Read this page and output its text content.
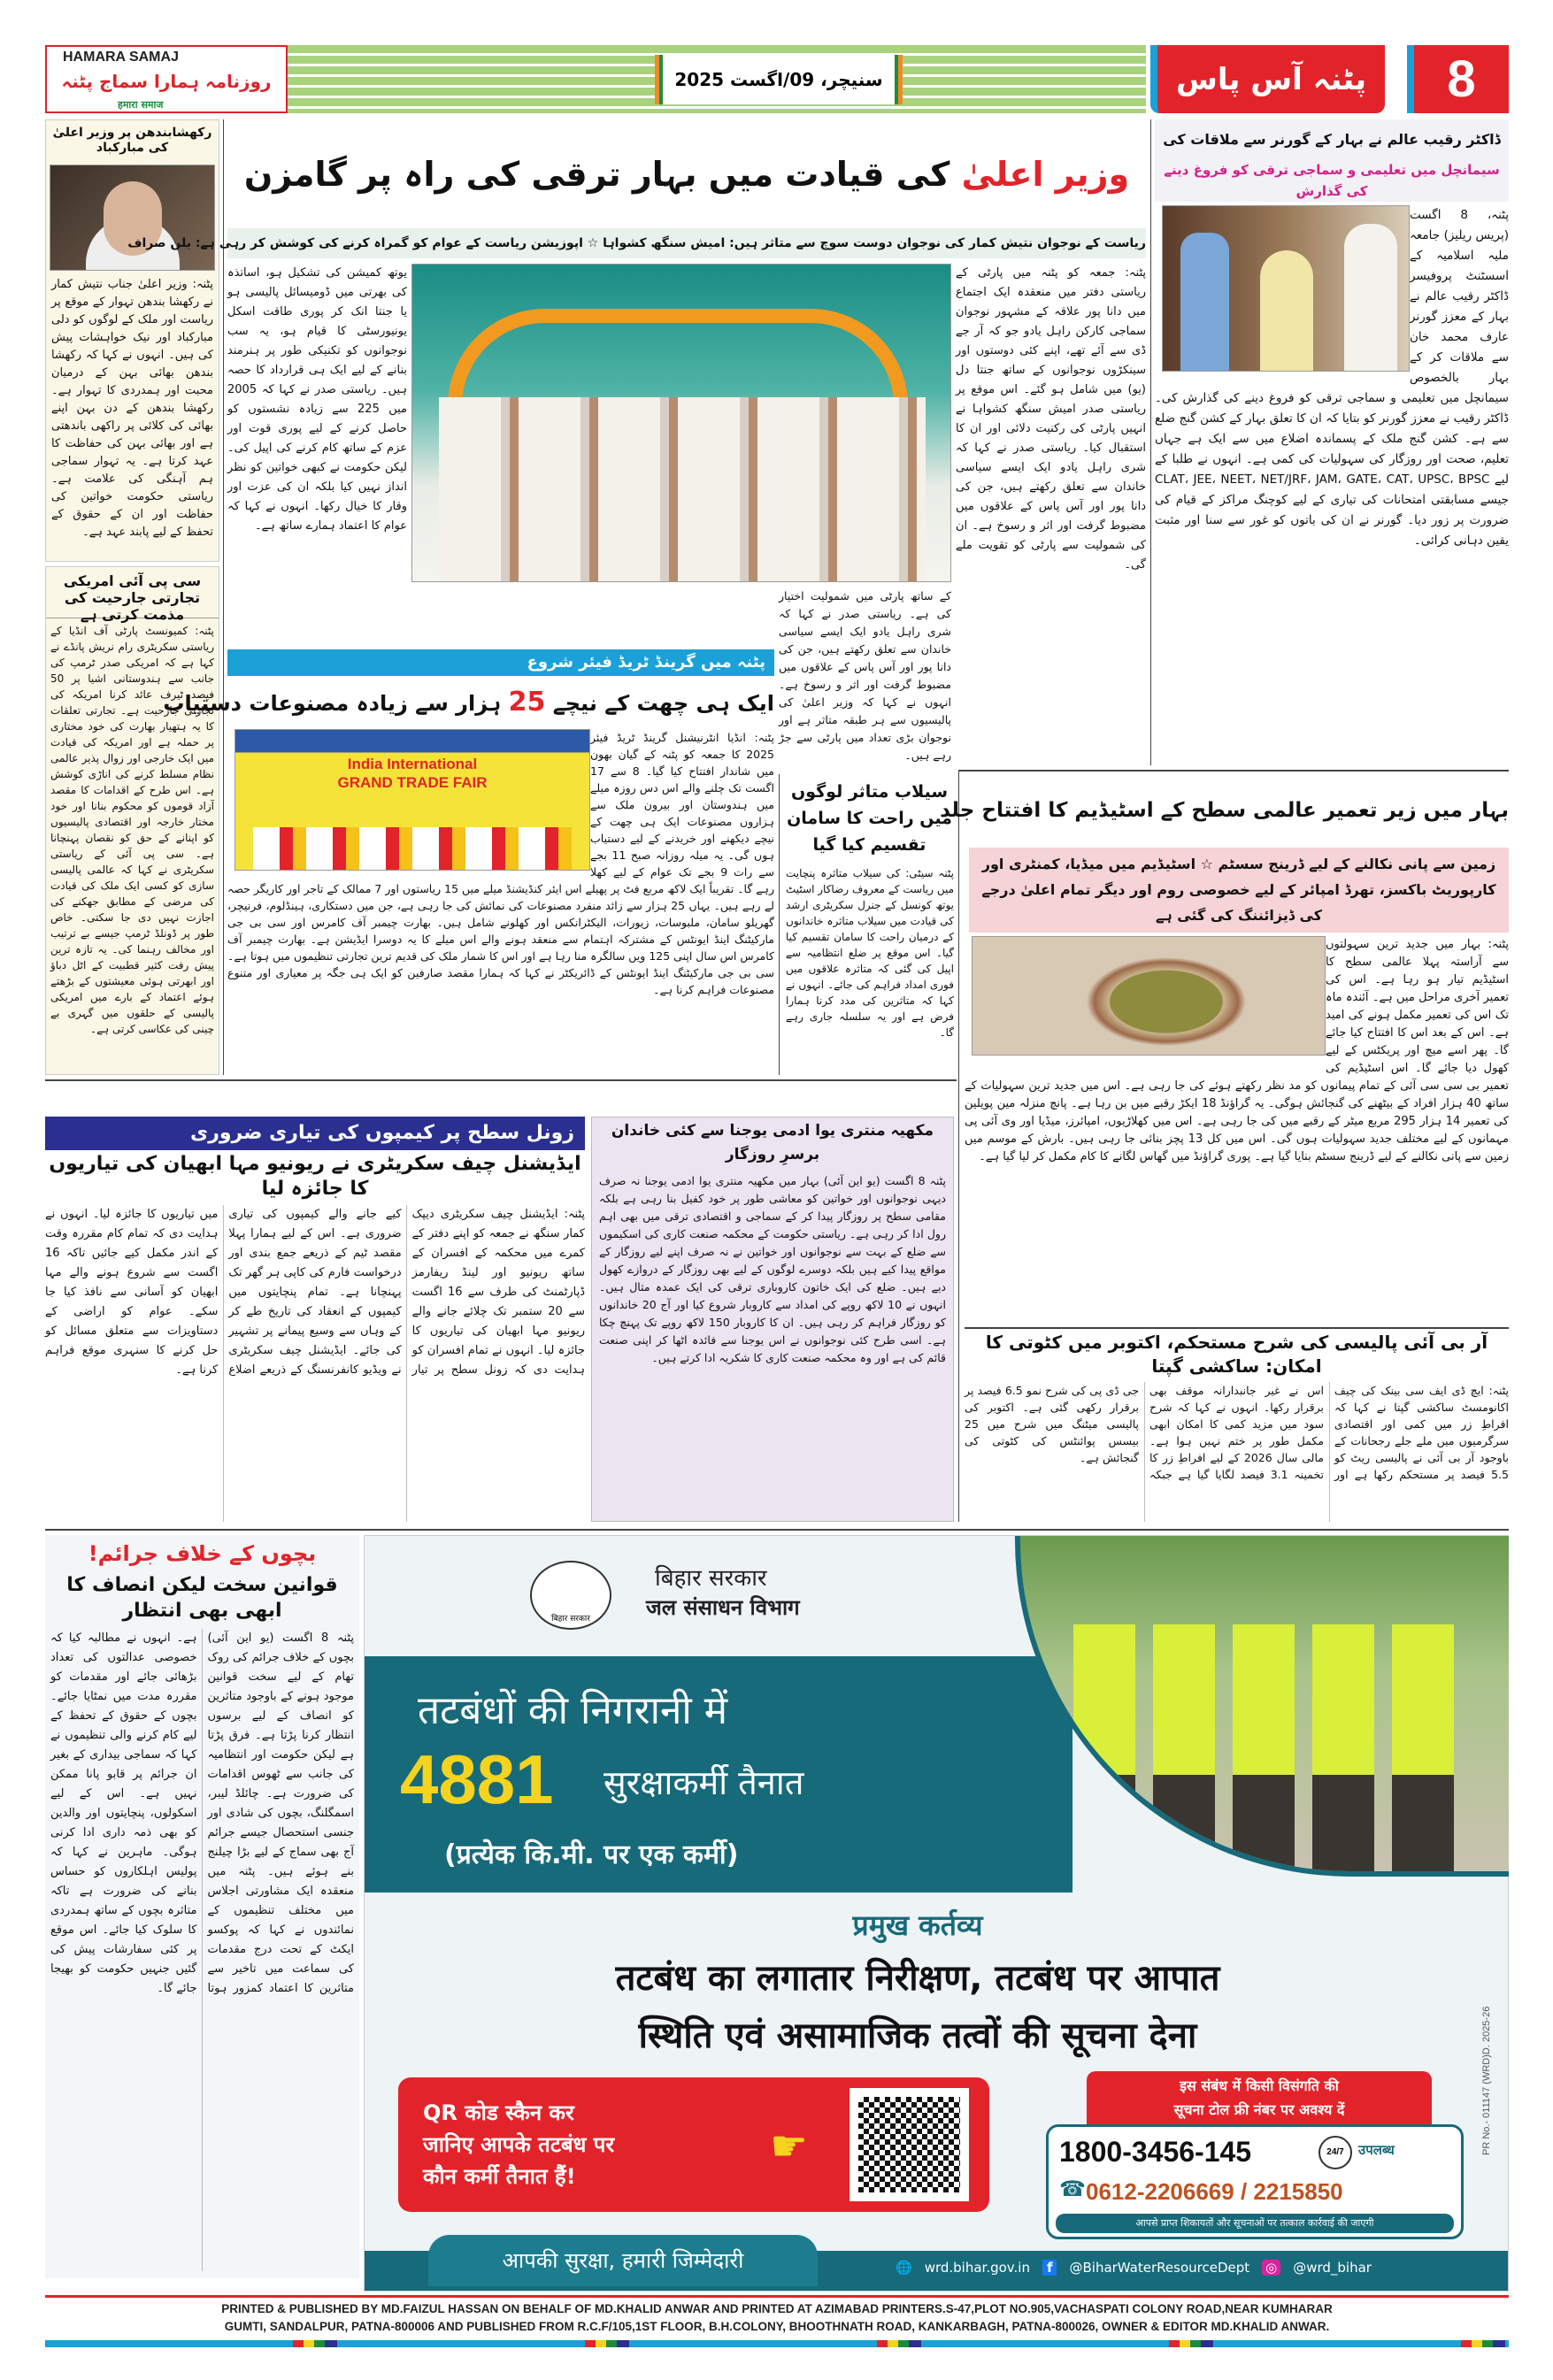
HAMARA SAMAJ
روزنامہ ہمارا سماج پٹنہ
हमारा समाज
سنیچر، 09/اگست 2025	پٹنہ آس پاس	8
رکھشابندھن پر وزیر اعلیٰ کی مبارکباد
پٹنہ: وزیر اعلیٰ جناب نتیش کمار نے رکھشا بندھن تہوار کے موقع پر ریاست اور ملک کے لوگوں کو دلی مبارکباد اور نیک خواہشات پیش کی ہیں۔ انہوں نے کہا کہ رکھشا بندھن بھائی بہن کے درمیان محبت اور ہمدردی کا تہوار ہے۔ رکھشا بندھن کے دن بہن اپنے بھائی کی کلائی پر راکھی باندھتی ہے اور بھائی بہن کی حفاظت کا عہد کرتا ہے۔ یہ تہوار سماجی ہم آہنگی کی علامت ہے۔ ریاستی حکومت خواتین کی حفاظت اور ان کے حقوق کے تحفظ کے لیے پابند عہد ہے۔
سی پی آئی امریکی تجارتی جارحیت کی مذمت کرتی ہے
پٹنہ: کمیونسٹ پارٹی آف انڈیا کے ریاستی سکریٹری رام نریش پانڈے نے کہا ہے کہ امریکی صدر ٹرمپ کی جانب سے ہندوستانی اشیا پر 50 فیصد ٹیرف عائد کرنا امریکہ کی تجارتی جارحیت ہے۔ تجارتی تعلقات کا یہ ہتھیار بھارت کی خود مختاری پر حملہ ہے اور امریکہ کی قیادت میں ایک خارجی اور زوال پذیر عالمی نظام مسلط کرنے کی اناڑی کوشش ہے۔ اس طرح کے اقدامات کا مقصد آزاد قوموں کو محکوم بنانا اور خود مختار خارجہ اور اقتصادی پالیسیوں کو اپنانے کے حق کو نقصان پہنچانا ہے۔ سی پی آئی کے ریاستی سکریٹری نے کہا کہ عالمی پالیسی سازی کو کسی ایک ملک کی قیادت کی مرضی کے مطابق جھکنے کی اجازت نہیں دی جا سکتی۔ خاص طور پر ڈونلڈ ٹرمپ جیسے بے ترتیب اور مخالف رہنما کی۔ یہ تازہ ترین پیش رفت کثیر قطبیت کے اٹل دباؤ اور ابھرتی ہوئی معیشتوں کے بڑھتے ہوئے اعتماد کے بارے میں امریکی پالیسی کے حلقوں میں گہری بے چینی کی عکاسی کرتی ہے۔
وزیر اعلیٰ کی قیادت میں بہار ترقی کی راہ پر گامزن
ریاست کے نوجوان نتیش کمار کی نوجوان دوست سوچ سے متاثر ہیں: امیش سنگھ کشواہا ☆ اپوزیشن ریاست کے عوام کو گمراہ کرنے کی کوشش کر رہی ہے: بلن صراف
یوتھ کمیشن کی تشکیل ہو، اساتذہ کی بھرتی میں ڈومیسائل پالیسی ہو یا جنتا انک کر پوری طاقت اسکل یونیورسٹی کا قیام ہو، یہ سب نوجوانوں کو تکنیکی طور پر ہنرمند بنانے کے لیے ایک ہی قرارداد کا حصہ ہیں۔ ریاستی صدر نے کہا کہ 2005 میں 225 سے زیادہ نشستوں کو حاصل کرنے کے لیے پوری قوت اور عزم کے ساتھ کام کرنے کی اپیل کی۔ لیکن حکومت نے کبھی خواتین کو نظر انداز نہیں کیا بلکہ ان کی عزت اور وقار کا خیال رکھا۔ انہوں نے کہا کہ عوام کا اعتماد ہمارے ساتھ ہے۔
پٹنہ: جمعہ کو پٹنہ میں پارٹی کے ریاستی دفتر میں منعقدہ ایک اجتماع میں دانا پور علاقہ کے مشہور نوجوان سماجی کارکن راہل یادو جو کہ آر جے ڈی سے آئے تھے، اپنے کئی دوستوں اور سینکڑوں نوجوانوں کے ساتھ جنتا دل (یو) میں شامل ہو گئے۔ اس موقع پر ریاستی صدر امیش سنگھ کشواہا نے انہیں پارٹی کی رکنیت دلائی اور ان کا استقبال کیا۔ ریاستی صدر نے کہا کہ شری راہل یادو ایک ایسے سیاسی خاندان سے تعلق رکھتے ہیں، جن کی دانا پور اور آس پاس کے علاقوں میں مضبوط گرفت اور اثر و رسوخ ہے۔ ان کی شمولیت سے پارٹی کو تقویت ملے گی۔
کے ساتھ پارٹی میں شمولیت اختیار کی ہے۔ ریاستی صدر نے کہا کہ شری راہل یادو ایک ایسے سیاسی خاندان سے تعلق رکھتے ہیں، جن کی دانا پور اور آس پاس کے علاقوں میں مضبوط گرفت اور اثر و رسوخ ہے۔ انہوں نے کہا کہ وزیر اعلیٰ کی پالیسیوں سے ہر طبقہ متاثر ہے اور نوجوان بڑی تعداد میں پارٹی سے جڑ رہے ہیں۔
ڈاکٹر رقیب عالم نے بہار کے گورنر سے ملاقات کی
سیمانچل میں تعلیمی و سماجی ترقی کو فروغ دینے کی گذارش
پٹنہ، 8 اگست (پریس ریلیز) جامعہ ملیہ اسلامیہ کے اسسٹنٹ پروفیسر ڈاکٹر رقیب عالم نے بہار کے معزز گورنر عارف محمد خان سے ملاقات کر کے بہار بالخصوص سیمانچل میں تعلیمی و سماجی ترقی کو فروغ دینے کی گذارش کی۔ ڈاکٹر رقیب نے معزز گورنر کو بتایا کہ ان کا تعلق بہار کے کشن گنج ضلع سے ہے۔ کشن گنج ملک کے پسماندہ اضلاع میں سے ایک ہے جہاں تعلیم، صحت اور روزگار کی سہولیات کی کمی ہے۔ انہوں نے طلبا کے لیے CLAT، JEE، NEET، NET/JRF، JAM، GATE، CAT، UPSC، BPSC جیسے مسابقتی امتحانات کی تیاری کے لیے کوچنگ مراکز کے قیام کی ضرورت پر زور دیا۔ گورنر نے ان کی باتوں کو غور سے سنا اور مثبت یقین دہانی کرائی۔
پٹنہ میں گرینڈ ٹریڈ فیئر شروع
ایک ہی چھت کے نیچے 25 ہزار سے زیادہ مصنوعات دستیاب
India International GRAND TRADE FAIR
پٹنہ: انڈیا انٹرنیشنل گرینڈ ٹریڈ فیئر 2025 کا جمعہ کو پٹنہ کے گیان بھون میں شاندار افتتاح کیا گیا۔ 8 سے 17 اگست تک چلنے والے اس دس روزہ میلے میں ہندوستان اور بیرون ملک سے ہزاروں مصنوعات ایک ہی چھت کے نیچے دیکھنے اور خریدنے کے لیے دستیاب ہوں گی۔ یہ میلہ روزانہ صبح 11 بجے سے رات 9 بجے تک عوام کے لیے کھلا رہے گا۔ تقریباً ایک لاکھ مربع فٹ پر پھیلے اس ایئر کنڈیشنڈ میلے میں 15 ریاستوں اور 7 ممالک کے تاجر اور کاریگر حصہ لے رہے ہیں۔ یہاں 25 ہزار سے زائد منفرد مصنوعات کی نمائش کی جا رہی ہے، جن میں دستکاری، ہینڈلوم، فرنیچر، گھریلو سامان، ملبوسات، زیورات، الیکٹرانکس اور کھلونے شامل ہیں۔ بھارت چیمبر آف کامرس اور سی بی جی مارکیٹنگ اینڈ ایونٹس کے مشترکہ اہتمام سے منعقد ہونے والے اس میلے کا یہ دوسرا ایڈیشن ہے۔ بھارت چیمبر آف کامرس اس سال اپنی 125 ویں سالگرہ منا رہا ہے اور اس کا شمار ملک کی قدیم ترین تجارتی تنظیموں میں ہوتا ہے۔ سی بی جی مارکیٹنگ اینڈ ایونٹس کے ڈائریکٹر نے کہا کہ ہمارا مقصد صارفین کو ایک ہی جگہ پر معیاری اور متنوع مصنوعات فراہم کرنا ہے۔
سیلاب متاثر لوگوں میں راحت کا سامان تقسیم کیا گیا
پٹنہ سیٹی: کی سیلاب متاثرہ پنچایت میں ریاست کے معروف رضاکار اسٹیٹ یوتھ کونسل کے جنرل سکریٹری ارشد کی قیادت میں سیلاب متاثرہ خاندانوں کے درمیان راحت کا سامان تقسیم کیا گیا۔ اس موقع پر ضلع انتظامیہ سے اپیل کی گئی کہ متاثرہ علاقوں میں فوری امداد فراہم کی جائے۔ انہوں نے کہا کہ متاثرین کی مدد کرنا ہمارا فرض ہے اور یہ سلسلہ جاری رہے گا۔
بہار میں زیر تعمیر عالمی سطح کے اسٹیڈیم کا افتتاح جلد
زمین سے پانی نکالنے کے لیے ڈرینج سسٹم ☆ اسٹیڈیم میں میڈیا، کمنٹری اور کارپوریٹ باکسز، تھرڈ امپائر کے لیے خصوصی روم اور دیگر تمام اعلیٰ درجے کی ڈیزائننگ کی گئی ہے
پٹنہ: بہار میں جدید ترین سہولتوں سے آراستہ پہلا عالمی سطح کا اسٹیڈیم تیار ہو رہا ہے۔ اس کی تعمیر آخری مراحل میں ہے۔ آئندہ ماہ تک اس کی تعمیر مکمل ہونے کی امید ہے۔ اس کے بعد اس کا افتتاح کیا جائے گا۔ پھر اسے میچ اور پریکٹس کے لیے کھول دیا جائے گا۔ اس اسٹیڈیم کی تعمیر بی سی سی آئی کے تمام پیمانوں کو مد نظر رکھتے ہوئے کی جا رہی ہے۔ اس میں جدید ترین سہولیات کے ساتھ 40 ہزار افراد کے بیٹھنے کی گنجائش ہوگی۔ یہ گراؤنڈ 18 ایکڑ رقبے میں بن رہا ہے۔ پانچ منزلہ مین پویلین کی تعمیر 14 ہزار 295 مربع میٹر کے رقبے میں کی جا رہی ہے۔ اس میں کھلاڑیوں، امپائرز، میڈیا اور وی آئی پی مہمانوں کے لیے مختلف جدید سہولیات ہوں گی۔ اس میں کل 13 پچز بنائی جا رہی ہیں۔ بارش کے موسم میں زمین سے پانی نکالنے کے لیے ڈرینج سسٹم بنایا گیا ہے۔ پوری گراؤنڈ میں گھاس لگانے کا کام مکمل کر لیا گیا ہے۔
آر بی آئی پالیسی کی شرح مستحکم، اکتوبر میں کٹوتی کا امکان: ساکشی گپتا
پٹنہ: ایچ ڈی ایف سی بینک کی چیف اکانومسٹ ساکشی گپتا نے کہا کہ افراطِ زر میں کمی اور اقتصادی سرگرمیوں میں ملے جلے رجحانات کے باوجود آر بی آئی نے پالیسی ریٹ کو 5.5 فیصد پر مستحکم رکھا ہے اور اس نے غیر جانبدارانہ موقف بھی برقرار رکھا۔ انہوں نے کہا کہ شرح سود میں مزید کمی کا امکان ابھی مکمل طور پر ختم نہیں ہوا ہے۔ مالی سال 2026 کے لیے افراطِ زر کا تخمینہ 3.1 فیصد لگایا گیا ہے جبکہ جی ڈی پی کی شرح نمو 6.5 فیصد پر برقرار رکھی گئی ہے۔ اکتوبر کی پالیسی میٹنگ میں شرح میں 25 بیسس پوائنٹس کی کٹوتی کی گنجائش ہے۔
زونل سطح پر کیمپوں کی تیاری ضروری
ایڈیشنل چیف سکریٹری نے ریونیو مہا ابھیان کی تیاریوں کا جائزہ لیا
پٹنہ: ایڈیشنل چیف سکریٹری دیپک کمار سنگھ نے جمعہ کو اپنے دفتر کے کمرے میں محکمہ کے افسران کے ساتھ ریونیو اور لینڈ ریفارمز ڈپارٹمنٹ کی طرف سے 16 اگست سے 20 ستمبر تک چلائے جانے والے ریونیو مہا ابھیان کی تیاریوں کا جائزہ لیا۔ انہوں نے تمام افسران کو ہدایت دی کہ زونل سطح پر تیار کیے جانے والے کیمپوں کی تیاری ضروری ہے۔ اس کے لیے ہمارا پہلا مقصد ٹیم کے ذریعے جمع بندی اور درخواست فارم کی کاپی ہر گھر تک پہنچانا ہے۔ تمام پنچایتوں میں کیمپوں کے انعقاد کی تاریخ طے کر کے وہاں سے وسیع پیمانے پر تشہیر کی جائے۔ ایڈیشنل چیف سکریٹری نے ویڈیو کانفرنسنگ کے ذریعے اضلاع میں تیاریوں کا جائزہ لیا۔ انہوں نے ہدایت دی کہ تمام کام مقررہ وقت کے اندر مکمل کیے جائیں تاکہ 16 اگست سے شروع ہونے والے مہا ابھیان کو آسانی سے نافذ کیا جا سکے۔ عوام کو اراضی کے دستاویزات سے متعلق مسائل کو حل کرنے کا سنہری موقع فراہم کرنا ہے۔
مکھیہ منتری یوا ادمی یوجنا سے کئی خاندان برسرِ روزگار
پٹنہ 8 اگست (یو این آئی) بہار میں مکھیہ منتری یوا ادمی یوجنا نہ صرف دیہی نوجوانوں اور خواتین کو معاشی طور پر خود کفیل بنا رہی ہے بلکہ مقامی سطح پر روزگار پیدا کر کے سماجی و اقتصادی ترقی میں بھی اہم رول ادا کر رہی ہے۔ ریاستی حکومت کے محکمہ صنعت کاری کی اسکیموں سے ضلع کے بہت سے نوجوانوں اور خواتین نے نہ صرف اپنے لیے روزگار کے مواقع پیدا کیے ہیں بلکہ دوسرے لوگوں کے لیے بھی روزگار کے دروازے کھول دیے ہیں۔ ضلع کی ایک خاتون کاروباری ترقی کی ایک عمدہ مثال ہیں۔ انہوں نے 10 لاکھ روپے کی امداد سے کاروبار شروع کیا اور آج 20 خاندانوں کو روزگار فراہم کر رہی ہیں۔ ان کا کاروبار 150 لاکھ روپے تک پہنچ چکا ہے۔ اسی طرح کئی نوجوانوں نے اس یوجنا سے فائدہ اٹھا کر اپنی صنعت قائم کی ہے اور وہ محکمہ صنعت کاری کا شکریہ ادا کرتے ہیں۔
بچوں کے خلاف جرائم!
قوانین سخت لیکن انصاف کا ابھی بھی انتظار
پٹنہ 8 اگست (یو این آئی) بچوں کے خلاف جرائم کی روک تھام کے لیے سخت قوانین موجود ہونے کے باوجود متاثرین کو انصاف کے لیے برسوں انتظار کرنا پڑتا ہے۔ فرق پڑتا ہے لیکن حکومت اور انتظامیہ کی جانب سے ٹھوس اقدامات کی ضرورت ہے۔ چائلڈ لیبر، اسمگلنگ، بچوں کی شادی اور جنسی استحصال جیسے جرائم آج بھی سماج کے لیے بڑا چیلنج بنے ہوئے ہیں۔ پٹنہ میں منعقدہ ایک مشاورتی اجلاس میں مختلف تنظیموں کے نمائندوں نے کہا کہ پوکسو ایکٹ کے تحت درج مقدمات کی سماعت میں تاخیر سے متاثرین کا اعتماد کمزور ہوتا ہے۔ انہوں نے مطالبہ کیا کہ خصوصی عدالتوں کی تعداد بڑھائی جائے اور مقدمات کو مقررہ مدت میں نمٹایا جائے۔ بچوں کے حقوق کے تحفظ کے لیے کام کرنے والی تنظیموں نے کہا کہ سماجی بیداری کے بغیر ان جرائم پر قابو پانا ممکن نہیں ہے۔ اس کے لیے اسکولوں، پنچایتوں اور والدین کو بھی ذمہ داری ادا کرنی ہوگی۔ ماہرین نے کہا کہ پولیس اہلکاروں کو حساس بنانے کی ضرورت ہے تاکہ متاثرہ بچوں کے ساتھ ہمدردی کا سلوک کیا جائے۔ اس موقع پر کئی سفارشات پیش کی گئیں جنہیں حکومت کو بھیجا جائے گا۔
बिहार सरकार
बिहार सरकार
जल संसाधन विभाग
तटबंधों की निगरानी में
4881 सुरक्षाकर्मी तैनात
(प्रत्येक कि.मी. पर एक कर्मी)
प्रमुख कर्तव्य
तटबंध का लगातार निरीक्षण, तटबंध पर आपात
स्थिति एवं असामाजिक तत्वों की सूचना देना
QR कोड स्कैन कर
जानिए आपके तटबंध पर
कौन कर्मी तैनात हैं!
☛
इस संबंध में किसी विसंगति की
सूचना टोल फ्री नंबर पर अवश्य दें
1800-3456-145	24/7	उपलब्ध
☎ 0612-2206669 / 2215850
आपसे प्राप्त शिकायतों और सूचनाओं पर तत्काल कार्रवाई की जाएगी
PR No.- 011147 (WRD)D. 2025-26
आपकी सुरक्षा, हमारी जिम्मेदारी	🌐 wrd.bihar.gov.in	f	@BiharWaterResourceDept ◎ @wrd_bihar
PRINTED & PUBLISHED BY MD.FAIZUL HASSAN ON BEHALF OF MD.KHALID ANWAR AND PRINTED AT AZIMABAD PRINTERS.S-47,PLOT NO.905,VACHASPATI COLONY ROAD,NEAR KUMHARAR
GUMTI, SANDALPUR, PATNA-800006 AND PUBLISHED FROM R.C.F/105,1ST FLOOR, B.H.COLONY, BHOOTHNATH ROAD, KANKARBAGH, PATNA-800026, OWNER & EDITOR MD.KHALID ANWAR.
